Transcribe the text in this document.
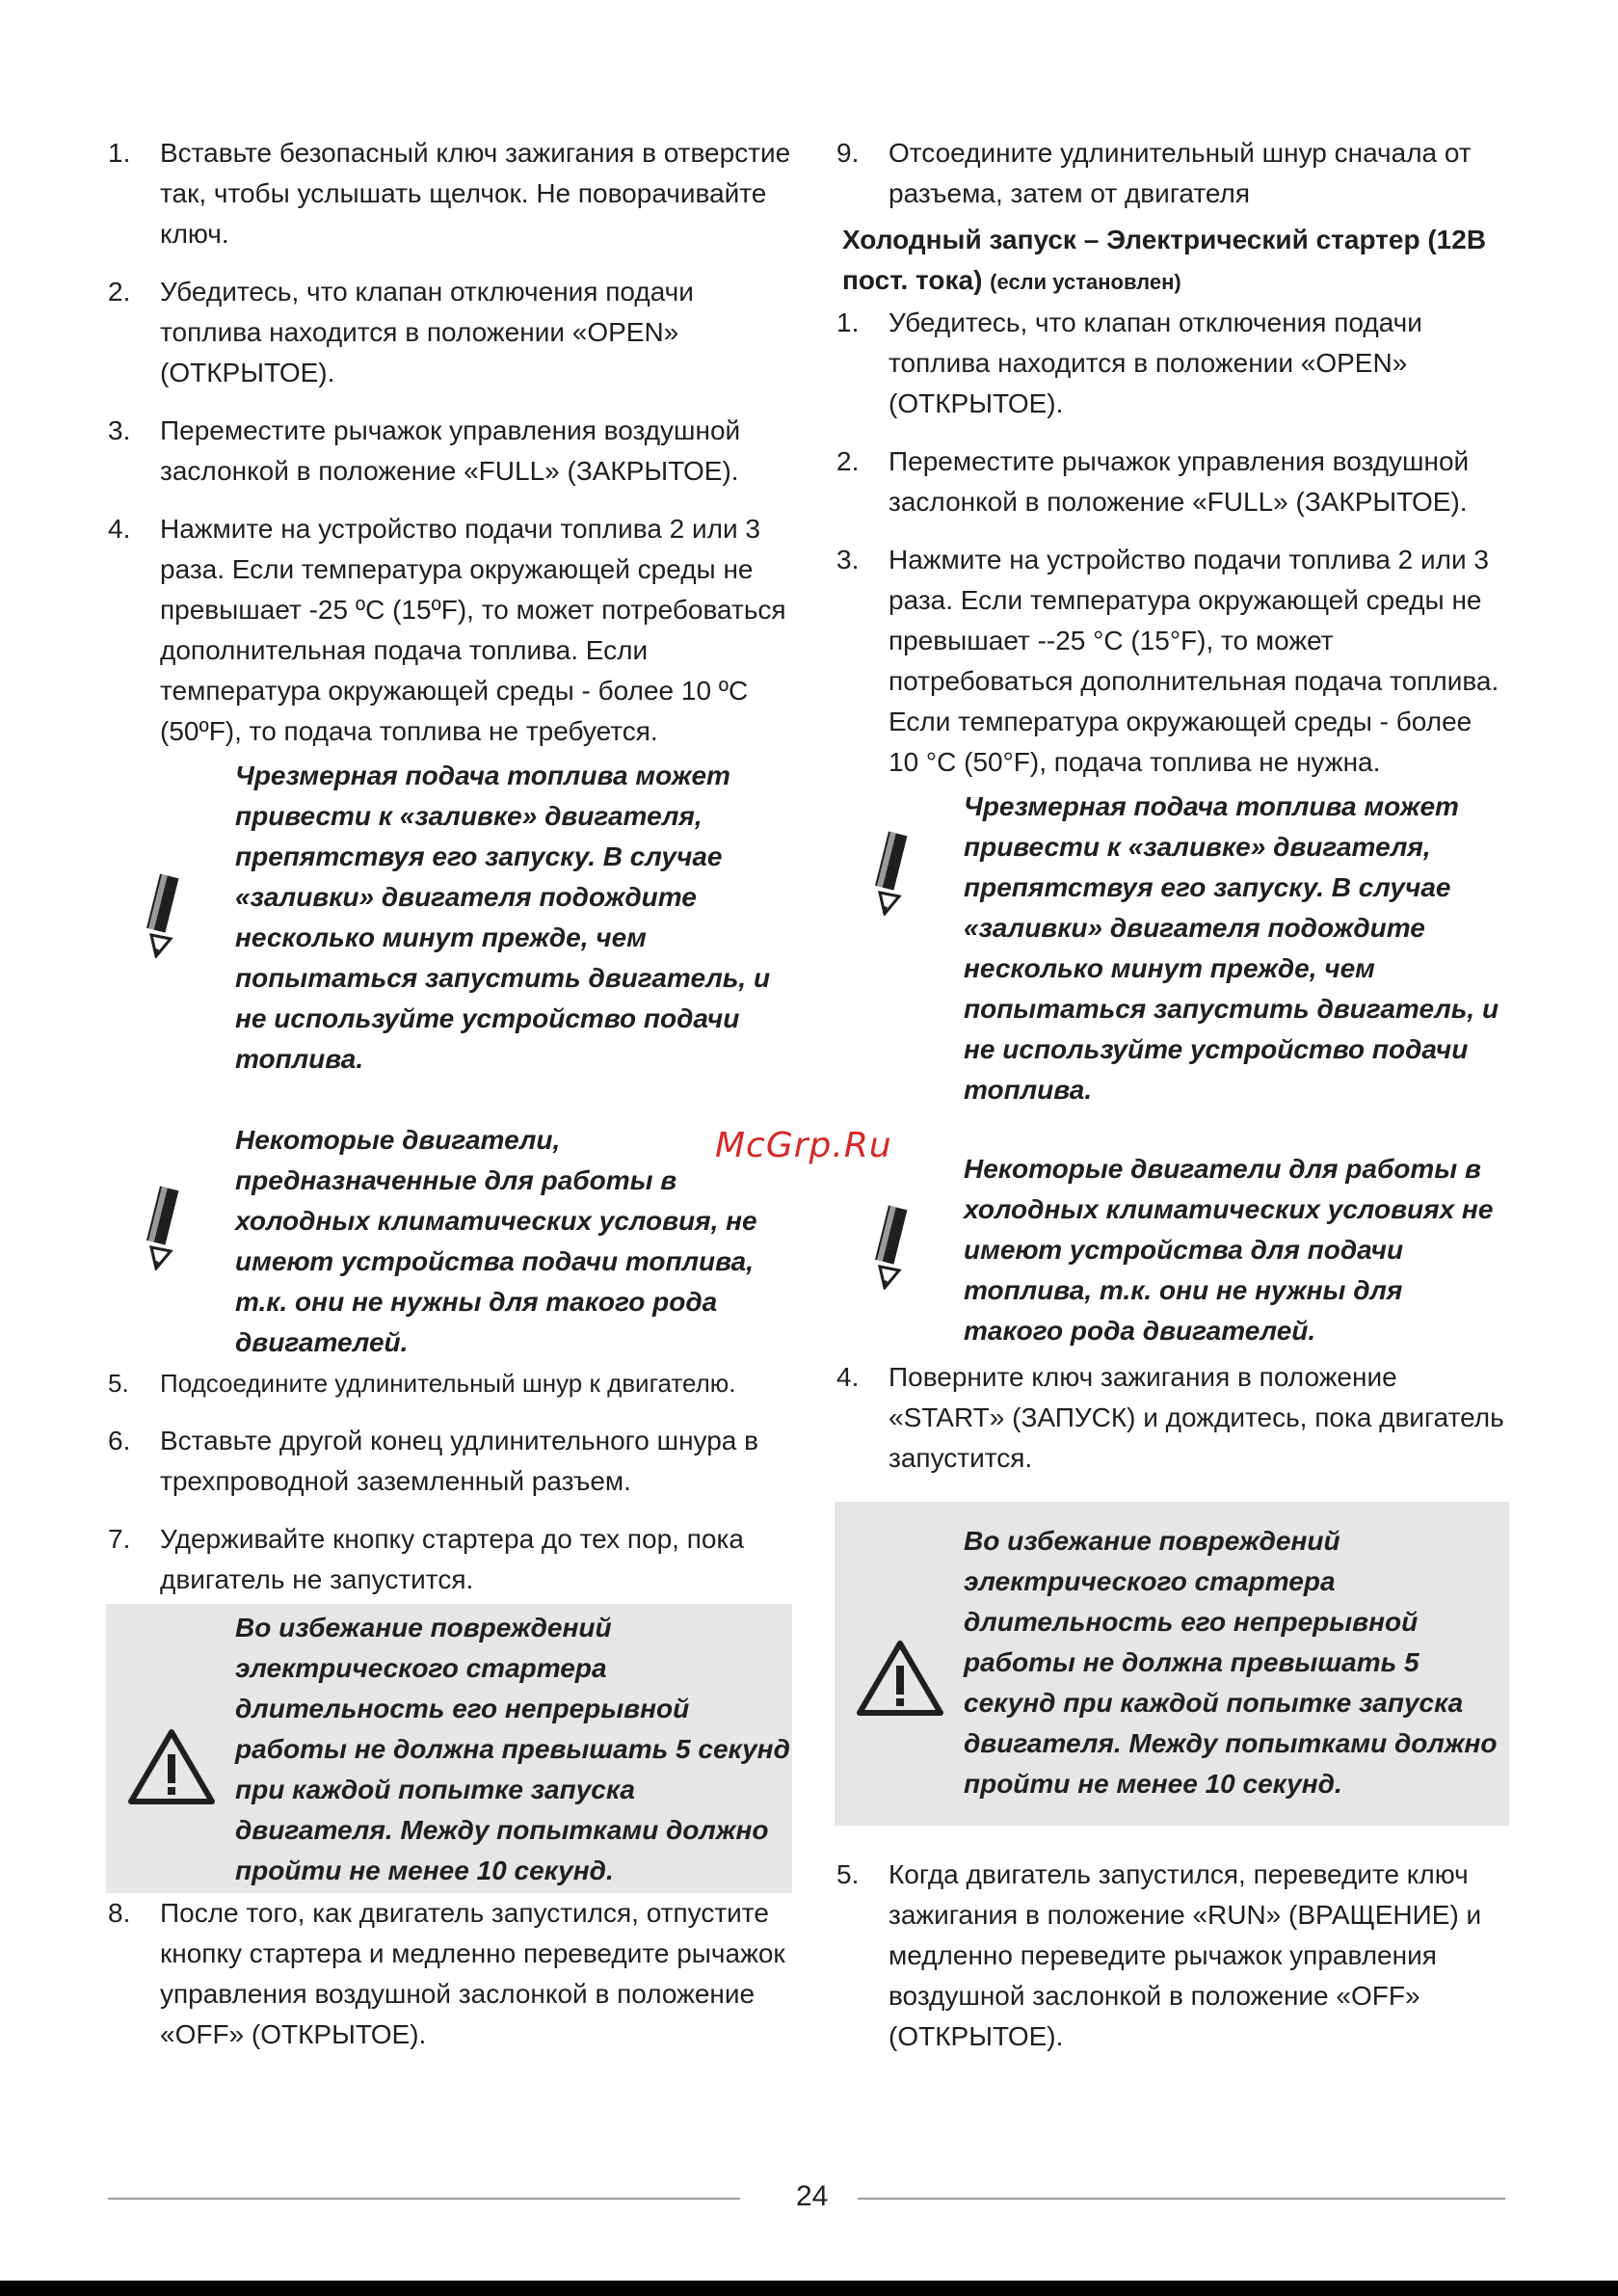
1. Вставьте безопасный ключ зажигания в отверстие так, чтобы услышать щелчок. Не поворачивайте ключ.
2. Убедитесь, что клапан отключения подачи топлива находится в положении «OPEN» (ОТКРЫТОЕ).
3. Переместите рычажок управления воздушной заслонкой в положение «FULL» (ЗАКРЫТОЕ).
4. Нажмите на устройство подачи топлива 2 или 3 раза. Если температура окружающей среды не превышает -25 ºC (15ºF), то может потребоваться дополнительная подача топлива. Если температура окружающей среды - более 10 ºC (50ºF), то подача топлива не требуется.
Чрезмерная подача топлива может привести к «заливке» двигателя, препятствуя его запуску. В случае «заливки» двигателя подождите несколько минут прежде, чем попытаться запустить двигатель, и не используйте устройство подачи топлива.
Некоторые двигатели, предназначенные для работы в холодных климатических условия, не имеют устройства подачи топлива, т.к. они не нужны для такого рода двигателей.
5. Подсоедините удлинительный шнур к двигателю.
6. Вставьте другой конец удлинительного шнура в трехпроводной заземленный разъем.
7. Удерживайте кнопку стартера до тех пор, пока двигатель не запустится.
Во избежание повреждений электрического стартера длительность его непрерывной работы не должна превышать 5 секунд при каждой попытке запуска двигателя. Между попытками должно пройти не менее 10 секунд.
8. После того, как двигатель запустился, отпустите кнопку стартера и медленно переведите рычажок управления воздушной заслонкой в положение «OFF» (ОТКРЫТОЕ).
9. Отсоедините удлинительный шнур сначала от разъема, затем от двигателя
Холодный запуск – Электрический стартер (12В пост. тока) (если установлен)
1. Убедитесь, что клапан отключения подачи топлива находится в положении «OPEN» (ОТКРЫТОЕ).
2. Переместите рычажок управления воздушной заслонкой в положение «FULL» (ЗАКРЫТОЕ).
3. Нажмите на устройство подачи топлива 2 или 3 раза. Если температура окружающей среды не превышает --25 °C (15°F), то может потребоваться дополнительная подача топлива. Если температура окружающей среды - более 10 °C (50°F), подача топлива не нужна.
Чрезмерная подача топлива может привести к «заливке» двигателя, препятствуя его запуску. В случае «заливки» двигателя подождите несколько минут прежде, чем попытаться запустить двигатель, и не используйте устройство подачи топлива.
Некоторые двигатели для работы в холодных климатических условиях не имеют устройства для подачи топлива, т.к. они не нужны для такого рода двигателей.
4. Поверните ключ зажигания в положение «START» (ЗАПУСК) и дождитесь, пока двигатель запустится.
Во избежание повреждений электрического стартера длительность его непрерывной работы не должна превышать 5 секунд при каждой попытке запуска двигателя. Между попытками должно пройти не менее 10 секунд.
5. Когда двигатель запустился, переведите ключ зажигания в положение «RUN» (ВРАЩЕНИЕ) и медленно переведите рычажок управления воздушной заслонкой в положение «OFF» (ОТКРЫТОЕ).
McGrp.Ru
24
